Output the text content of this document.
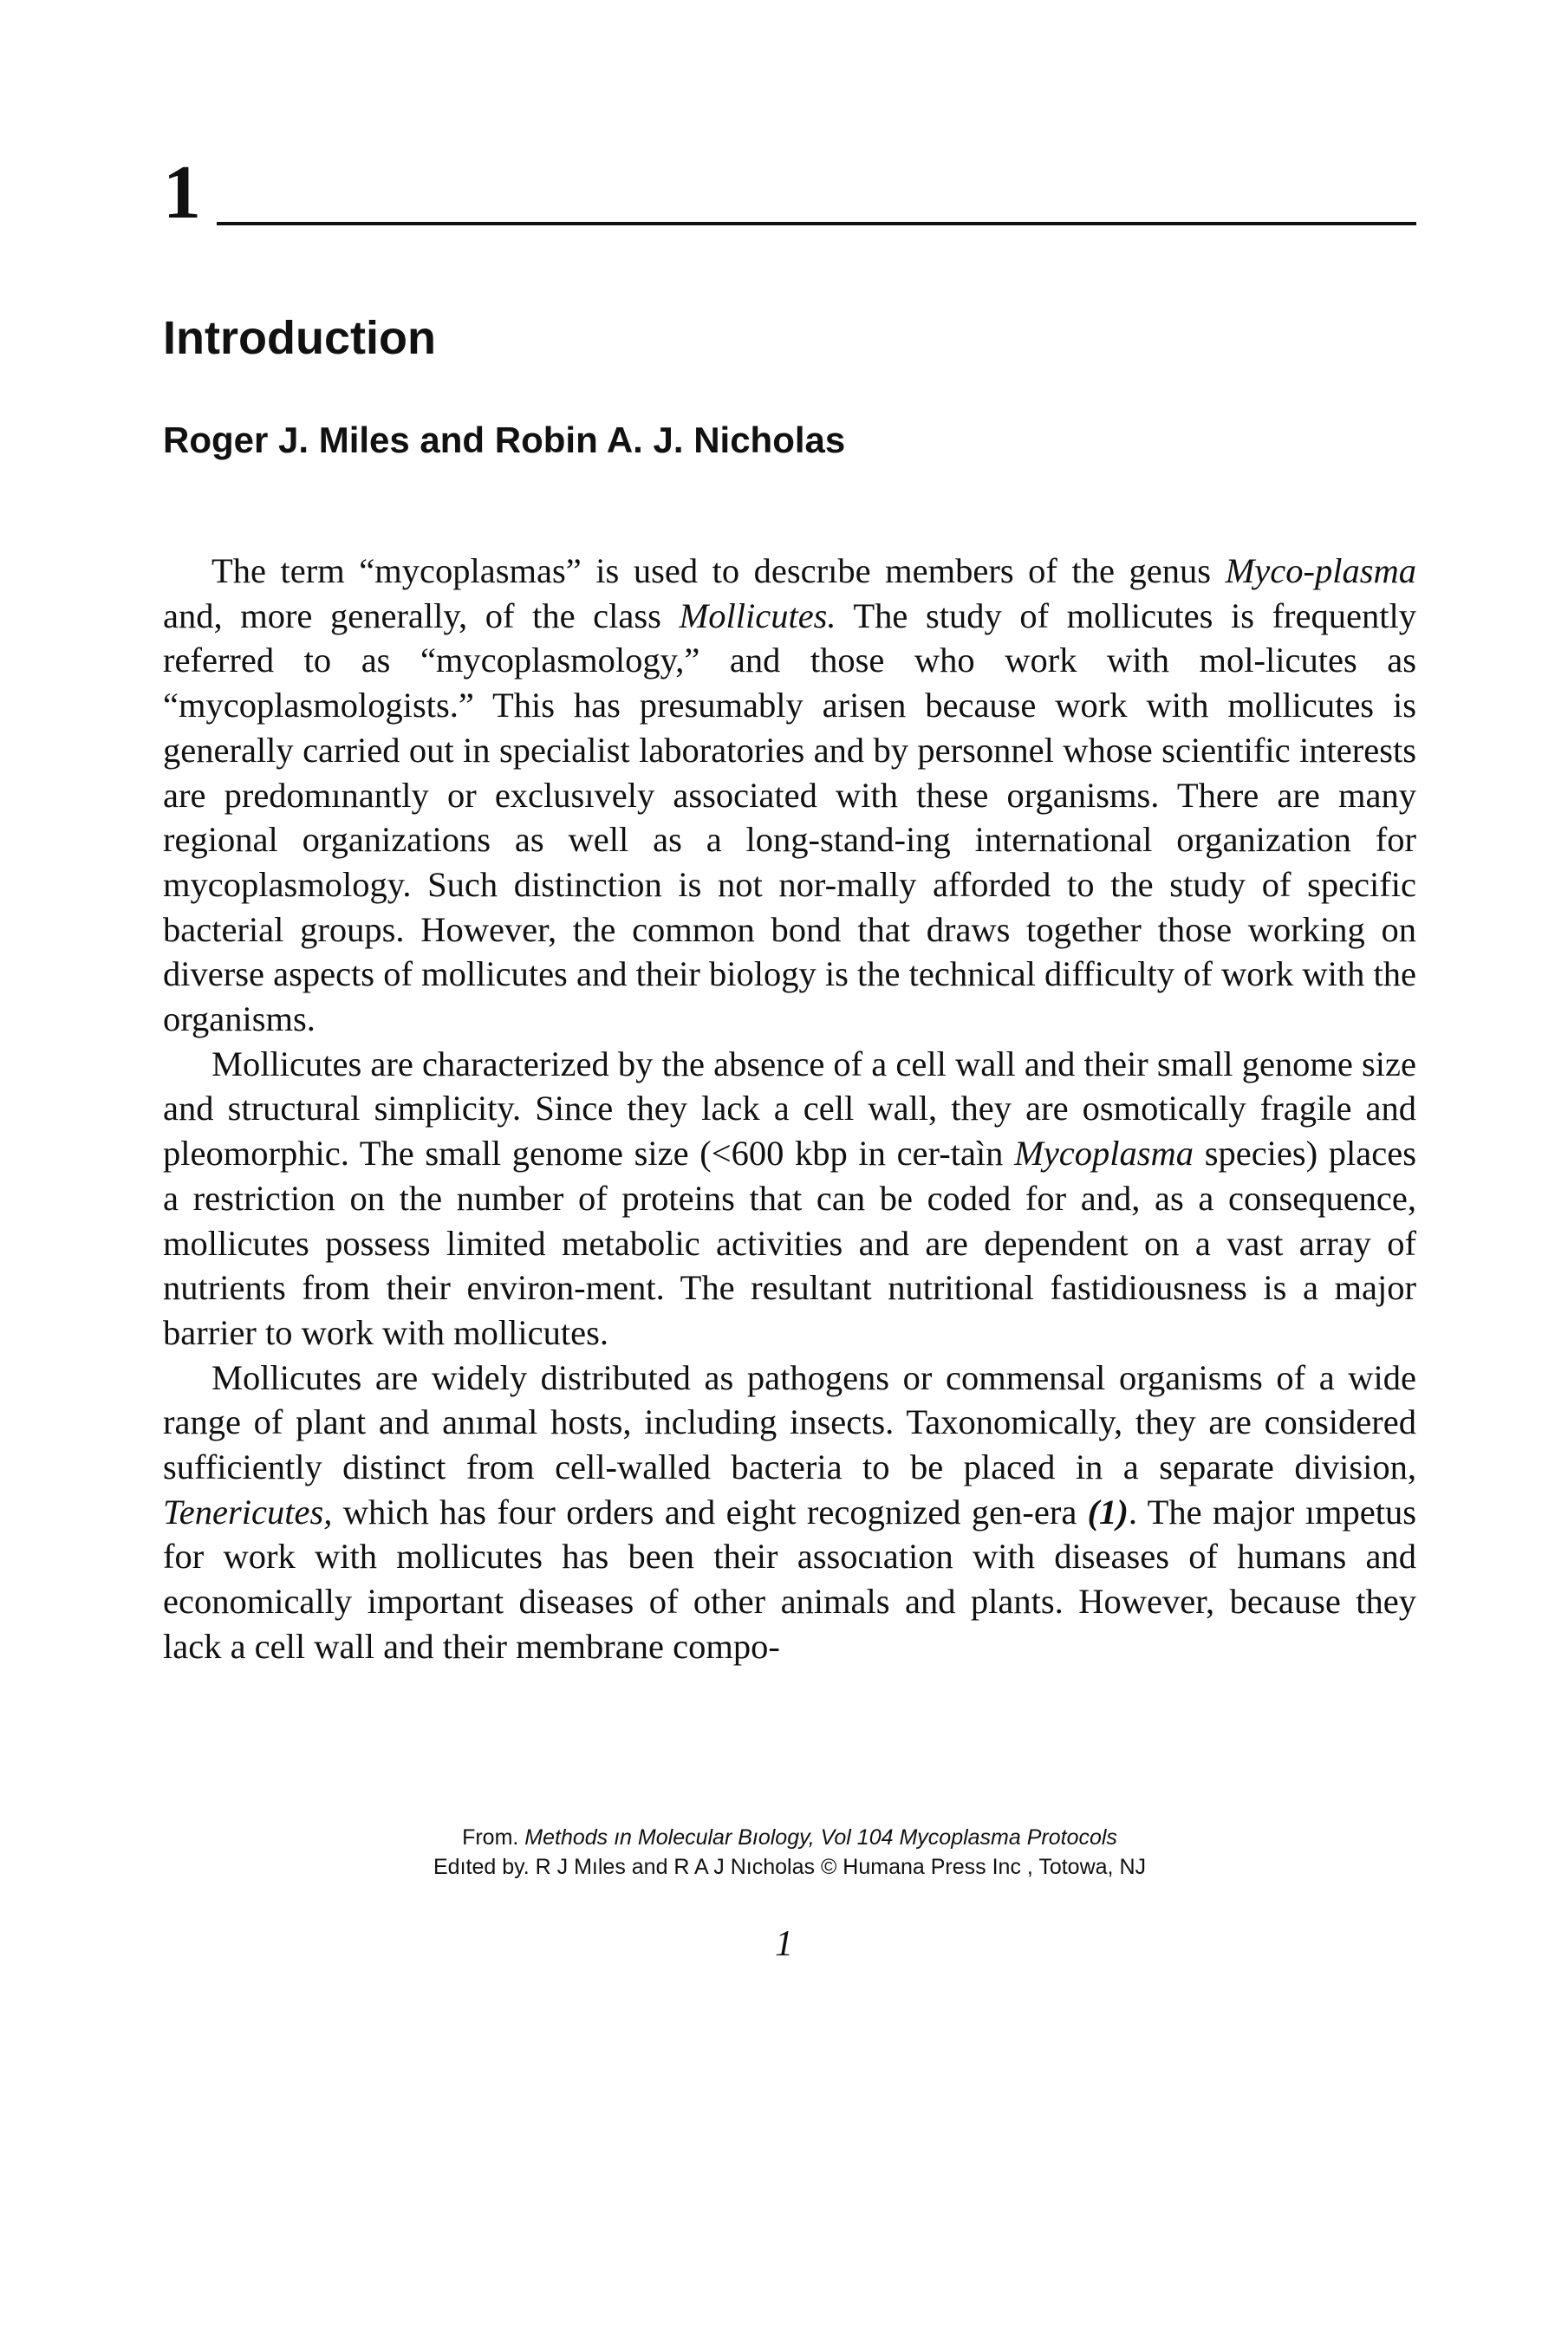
1
Introduction
Roger J. Miles and Robin A. J. Nicholas

The term “mycoplasmas” is used to descrıbe members of the genus Myco-plasma and, more generally, of the class Mollicutes. The study of mollicutes is frequently referred to as “mycoplasmology,” and those who work with mol-licutes as “mycoplasmologists.” This has presumably arisen because work with mollicutes is generally carried out in specialist laboratories and by personnel whose scientific interests are predomınantly or exclusıvely associated with these organisms. There are many regional organizations as well as a long-stand-ing international organization for mycoplasmology. Such distinction is not nor-mally afforded to the study of specific bacterial groups. However, the common bond that draws together those working on diverse aspects of mollicutes and their biology is the technical difficulty of work with the organisms.

Mollicutes are characterized by the absence of a cell wall and their small genome size and structural simplicity. Since they lack a cell wall, they are osmotically fragile and pleomorphic. The small genome size (<600 kbp in cer-taìn Mycoplasma species) places a restriction on the number of proteins that can be coded for and, as a consequence, mollicutes possess limited metabolic activities and are dependent on a vast array of nutrients from their environ-ment. The resultant nutritional fastidiousness is a major barrier to work with mollicutes.

Mollicutes are widely distributed as pathogens or commensal organisms of a wide range of plant and anımal hosts, including insects. Taxonomically, they are considered sufficiently distinct from cell-walled bacteria to be placed in a separate division, Tenericutes, which has four orders and eight recognized gen-era (1). The major ımpetus for work with mollicutes has been their assocıation with diseases of humans and economically important diseases of other animals and plants. However, because they lack a cell wall and their membrane compo-

From. Methods ın Molecular Bıology, Vol 104 Mycoplasma Protocols
Edıted by. R J Mıles and R A J Nıcholas © Humana Press Inc , Totowa, NJ
1
